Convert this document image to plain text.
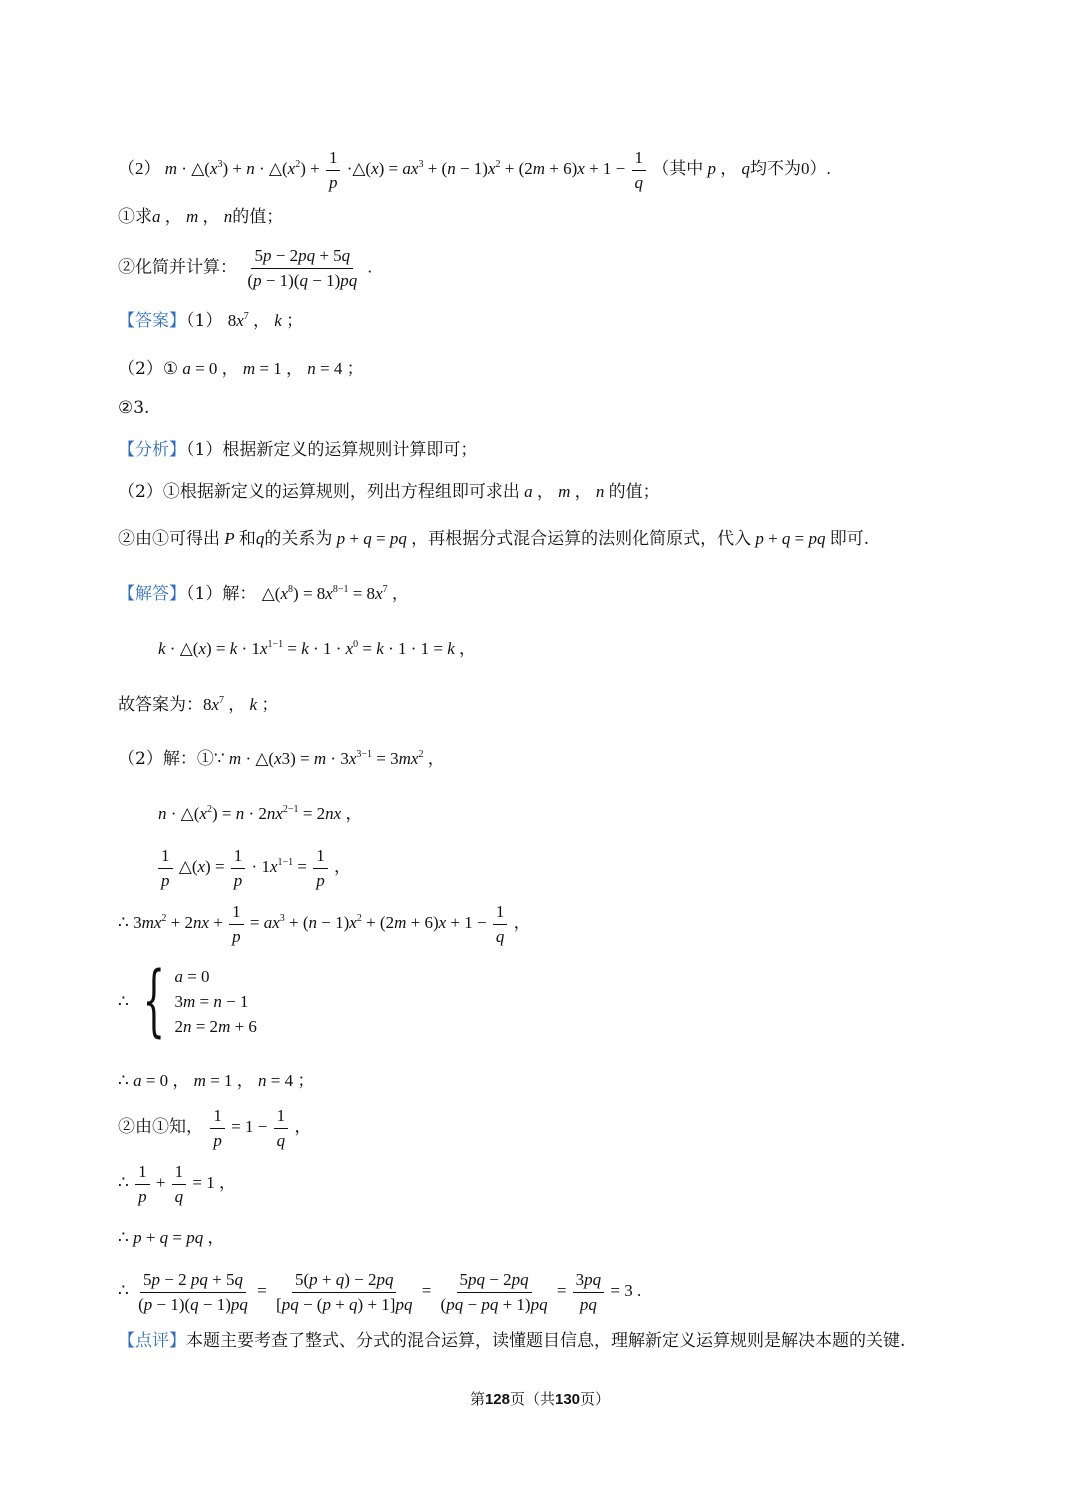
（2） $m \cdot \triangle(x^3) + n$ · $\triangle(x^2) + \frac{1}{p}$ ·△(x) = $ax^3 + (n - 1)x^2 + (2m + 6)x + 1 - \frac{1}{q}$ （其中 p ， q均不为0）.
①求a ， m ， n的值；
②化简并计算： $\frac{5p - 2pq + 5q}{(p - 1)(q - 1)pq}$ .
【答案】（1） $8x^7$ ， k ；
（2）① a = 0 ， m = 1 ， n = 4 ；
②3.
【分析】（1）根据新定义的运算规则计算即可；
（2）①根据新定义的运算规则，列出方程组即可求出 a ， m ， n 的值；
②由①可得出 P 和q的关系为 p + q = pq ，再根据分式混合运算的法则化简原式，代入 p + q = pq 即可.
【解答】（1）解： $\triangle(x^8) = 8x^{8-1} = 8x^7$ ，
k · △(x) = $k \cdot 1x^{1-1} = k \cdot 1 \cdot x^0 = k \cdot 1 \cdot 1 = k$ ，
故答案为：$8x^7$ ， k ；
（2）解：①∵ m · △(x3) = $m \cdot 3x^{3-1} = 3mx^2$ ，
$n \cdot \triangle(x^2) = n \cdot 2nx^{2-1} = 2nx$ ，
$\frac{1}{p}$ △(x) = $\frac{1}{p} \cdot 1x^{1-1} = \frac{1}{p}$ ，
∴ $3mx^2 + 2nx + \frac{1}{p} = ax^3 + (n - 1)x^2 + (2m + 6)x + 1 - \frac{1}{q}$ ，
∴ { a = 0
3m = n − 1
2n = 2m + 6
∴ a = 0 ， m = 1 ， n = 4 ；
②由①知， $\frac{1}{p} = 1 - \frac{1}{q}$ ，
∴ $\frac{1}{p} + \frac{1}{q} = 1$ ，
∴ p + q = pq ，
∴ $\frac{5p - 2 pq + 5q}{(p - 1)(q - 1)pq} = \frac{5(p + q) - 2pq}{[pq - (p + q) + 1]pq} = \frac{5pq - 2pq}{(pq - pq + 1)pq} = \frac{3pq}{pq} = 3$ .
【点评】本题主要考查了整式、分式的混合运算，读懂题目信息，理解新定义运算规则是解决本题的关键.
第128页（共130页）
